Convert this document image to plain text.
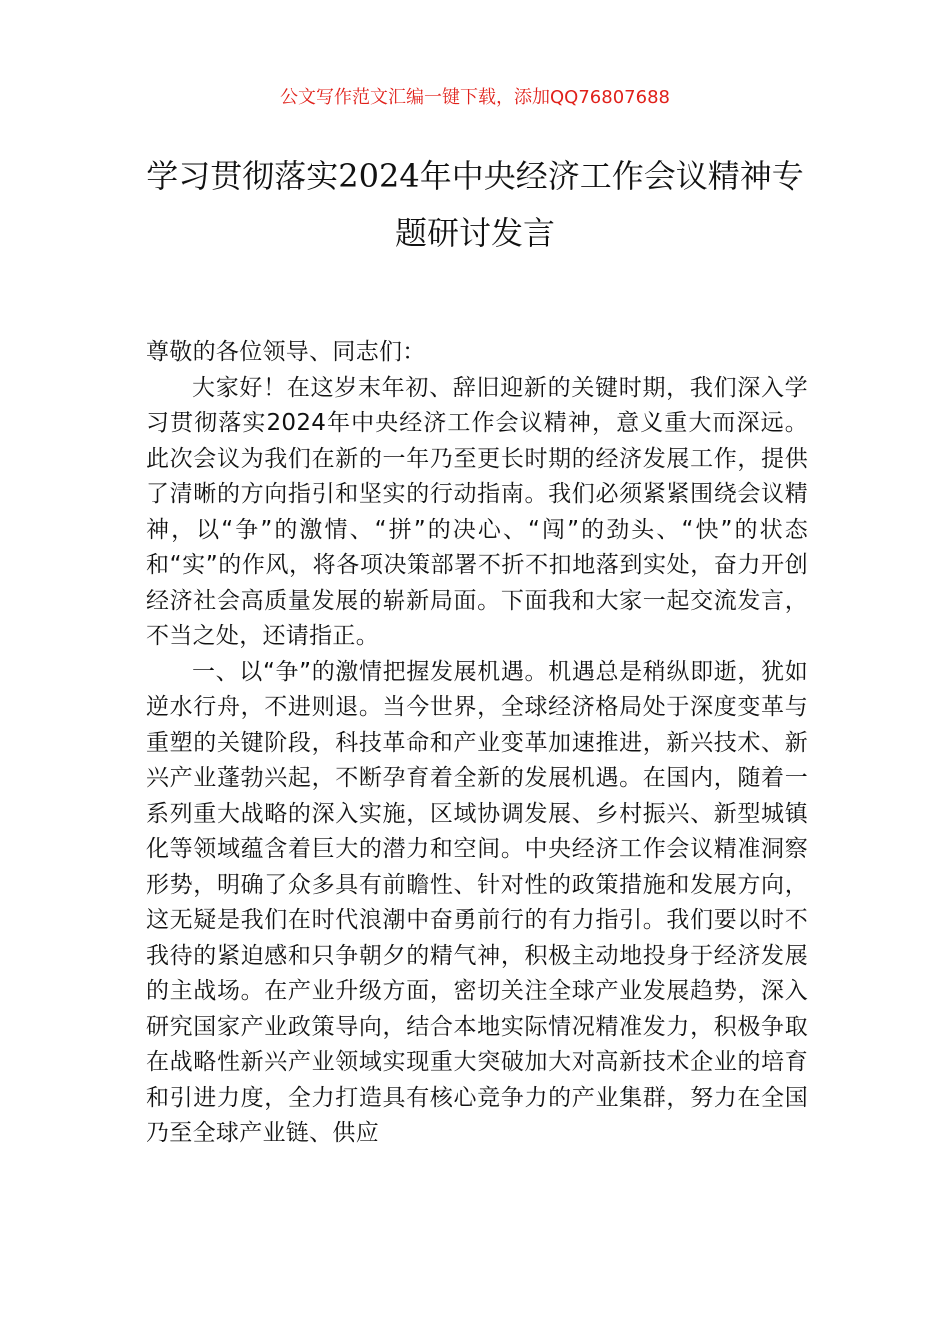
公文写作范文汇编一键下载，添加QQ76807688
学习贯彻落实2024年中央经济工作会议精神专题研讨发言

尊敬的各位领导、同志们：

大家好！在这岁末年初、辞旧迎新的关键时期，我们深入学习贯彻落实2024年中央经济工作会议精神，意义重大而深远。此次会议为我们在新的一年乃至更长时期的经济发展工作，提供了清晰的方向指引和坚实的行动指南。我们必须紧紧围绕会议精神，以“争”的激情、“拼”的决心、“闯”的劲头、“快”的状态和“实”的作风，将各项决策部署不折不扣地落到实处，奋力开创经济社会高质量发展的崭新局面。下面我和大家一起交流发言，不当之处，还请指正。

一、以“争”的激情把握发展机遇。机遇总是稍纵即逝，犹如逆水行舟，不进则退。当今世界，全球经济格局处于深度变革与重塑的关键阶段，科技革命和产业变革加速推进，新兴技术、新兴产业蓬勃兴起，不断孕育着全新的发展机遇。在国内，随着一系列重大战略的深入实施，区域协调发展、乡村振兴、新型城镇化等领域蕴含着巨大的潜力和空间。中央经济工作会议精准洞察形势，明确了众多具有前瞻性、针对性的政策措施和发展方向，这无疑是我们在时代浪潮中奋勇前行的有力指引。我们要以时不我待的紧迫感和只争朝夕的精气神，积极主动地投身于经济发展的主战场。在产业升级方面，密切关注全球产业发展趋势，深入研究国家产业政策导向，结合本地实际情况精准发力，积极争取在战略性新兴产业领域实现重大突破加大对高新技术企业的培育和引进力度，全力打造具有核心竞争力的产业集群，努力在全国乃至全球产业链、供应
